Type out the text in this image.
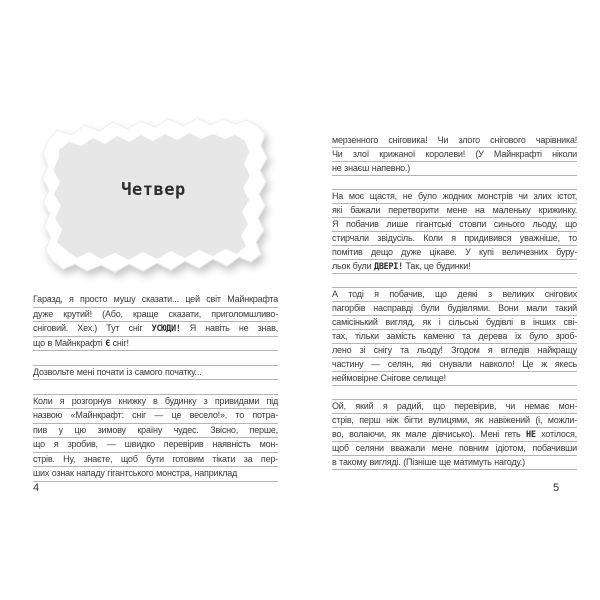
Четвер
Гаразд, я просто мушу сказати... цей світ Майнкрафта
дуже крутий! (Або, краще сказати, приголомшливо-
сніговий. Хех.) Тут сніг УСЮДИ! Я навіть не знав,
що в Майнкрафті Є сніг!
Дозвольте мені почати із самого початку...
Коли я розгорнув книжку в будинку з привидами під
назвою «Майнкрафт: сніг — це весело!», то потра-
пив у цю зимову країну чудес. Звісно, перше,
що я зробив, — швидко перевірив наявність мон-
стрів. Ну, знаєте, щоб бути готовим тікати за пер-
ших ознак нападу гігантського монстра, наприклад
мерзенного сніговика! Чи злого снігового чарівника!
Чи злої крижаної королеви! (У Майнкрафті ніколи
не знаєш напевно.)
На моє щастя, не було жодних монстрів чи злих істот,
які бажали перетворити мене на маленьку крижинку.
Я побачив лише гігантські стовпи синього льоду, що
стирчали звідусіль. Коли я придивився уважніше, то
помітив дещо дуже цікаве. У купі величезних буру-
льок були ДВЕРІ! Так, це будинки!
А тоді я побачив, що деякі з великих снігових
пагорбів насправді були будівлями. Вони мали такий
самісінький вигляд, як і сільські будівлі в інших сві-
тах, тільки замість каменю та дерева їх було зроб-
лено зі снігу та льоду! Згодом я вгледів найкращу
частину — селян, які снували навколо! Це ж якесь
неймовірне Снігове селище!
Ой, який я радий, що перевірив, чи немає мон-
стрів, перш ніж бігти вулицями, як навіжений (і, можли-
во, волаючи, як мале дівчисько). Мені геть НЕ хотілося,
щоб селяни вважали мене повним ідіотом, побачивши
в такому вигляді. (Пізніше ще матимуть нагоду.)
4	5
